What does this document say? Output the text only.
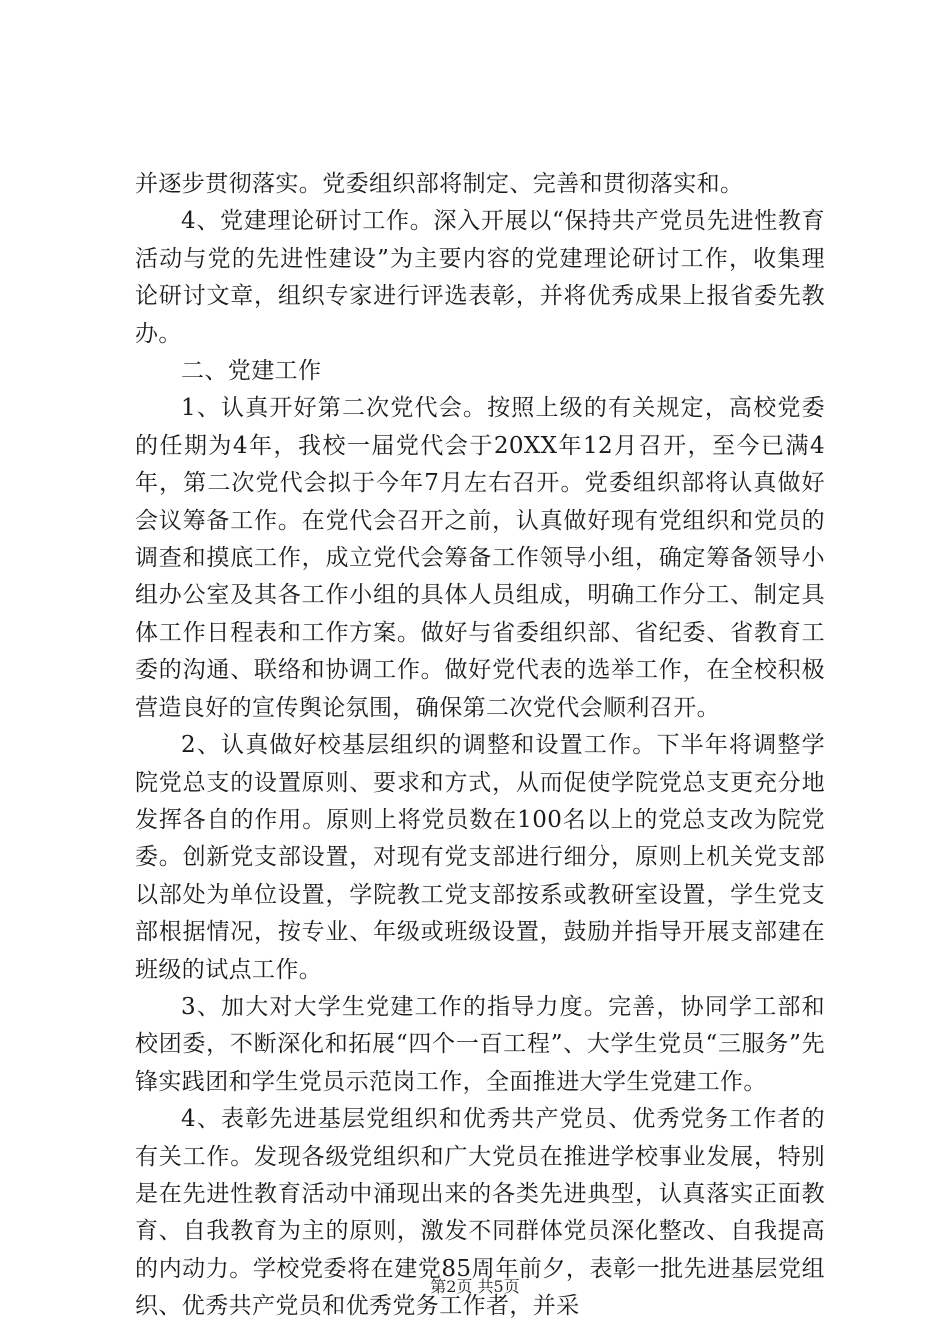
并逐步贯彻落实。党委组织部将制定、完善和贯彻落实和。

4、党建理论研讨工作。深入开展以“保持共产党员先进性教育活动与党的先进性建设”为主要内容的党建理论研讨工作，收集理论研讨文章，组织专家进行评选表彰，并将优秀成果上报省委先教办。

二、党建工作

1、认真开好第二次党代会。按照上级的有关规定，高校党委的任期为4年，我校一届党代会于20XX年12月召开，至今已满4年，第二次党代会拟于今年7月左右召开。党委组织部将认真做好会议筹备工作。在党代会召开之前，认真做好现有党组织和党员的调查和摸底工作，成立党代会筹备工作领导小组，确定筹备领导小组办公室及其各工作小组的具体人员组成，明确工作分工、制定具体工作日程表和工作方案。做好与省委组织部、省纪委、省教育工委的沟通、联络和协调工作。做好党代表的选举工作，在全校积极营造良好的宣传舆论氛围，确保第二次党代会顺利召开。

2、认真做好校基层组织的调整和设置工作。下半年将调整学院党总支的设置原则、要求和方式，从而促使学院党总支更充分地发挥各自的作用。原则上将党员数在100名以上的党总支改为院党委。创新党支部设置，对现有党支部进行细分，原则上机关党支部以部处为单位设置，学院教工党支部按系或教研室设置，学生党支部根据情况，按专业、年级或班级设置，鼓励并指导开展支部建在班级的试点工作。

3、加大对大学生党建工作的指导力度。完善，协同学工部和校团委，不断深化和拓展“四个一百工程”、大学生党员“三服务”先锋实践团和学生党员示范岗工作，全面推进大学生党建工作。

4、表彰先进基层党组织和优秀共产党员、优秀党务工作者的有关工作。发现各级党组织和广大党员在推进学校事业发展，特别是在先进性教育活动中涌现出来的各类先进典型，认真落实正面教育、自我教育为主的原则，激发不同群体党员深化整改、自我提高的内动力。学校党委将在建党85周年前夕，表彰一批先进基层党组织、优秀共产党员和优秀党务工作者，并采

第2页 共5页
